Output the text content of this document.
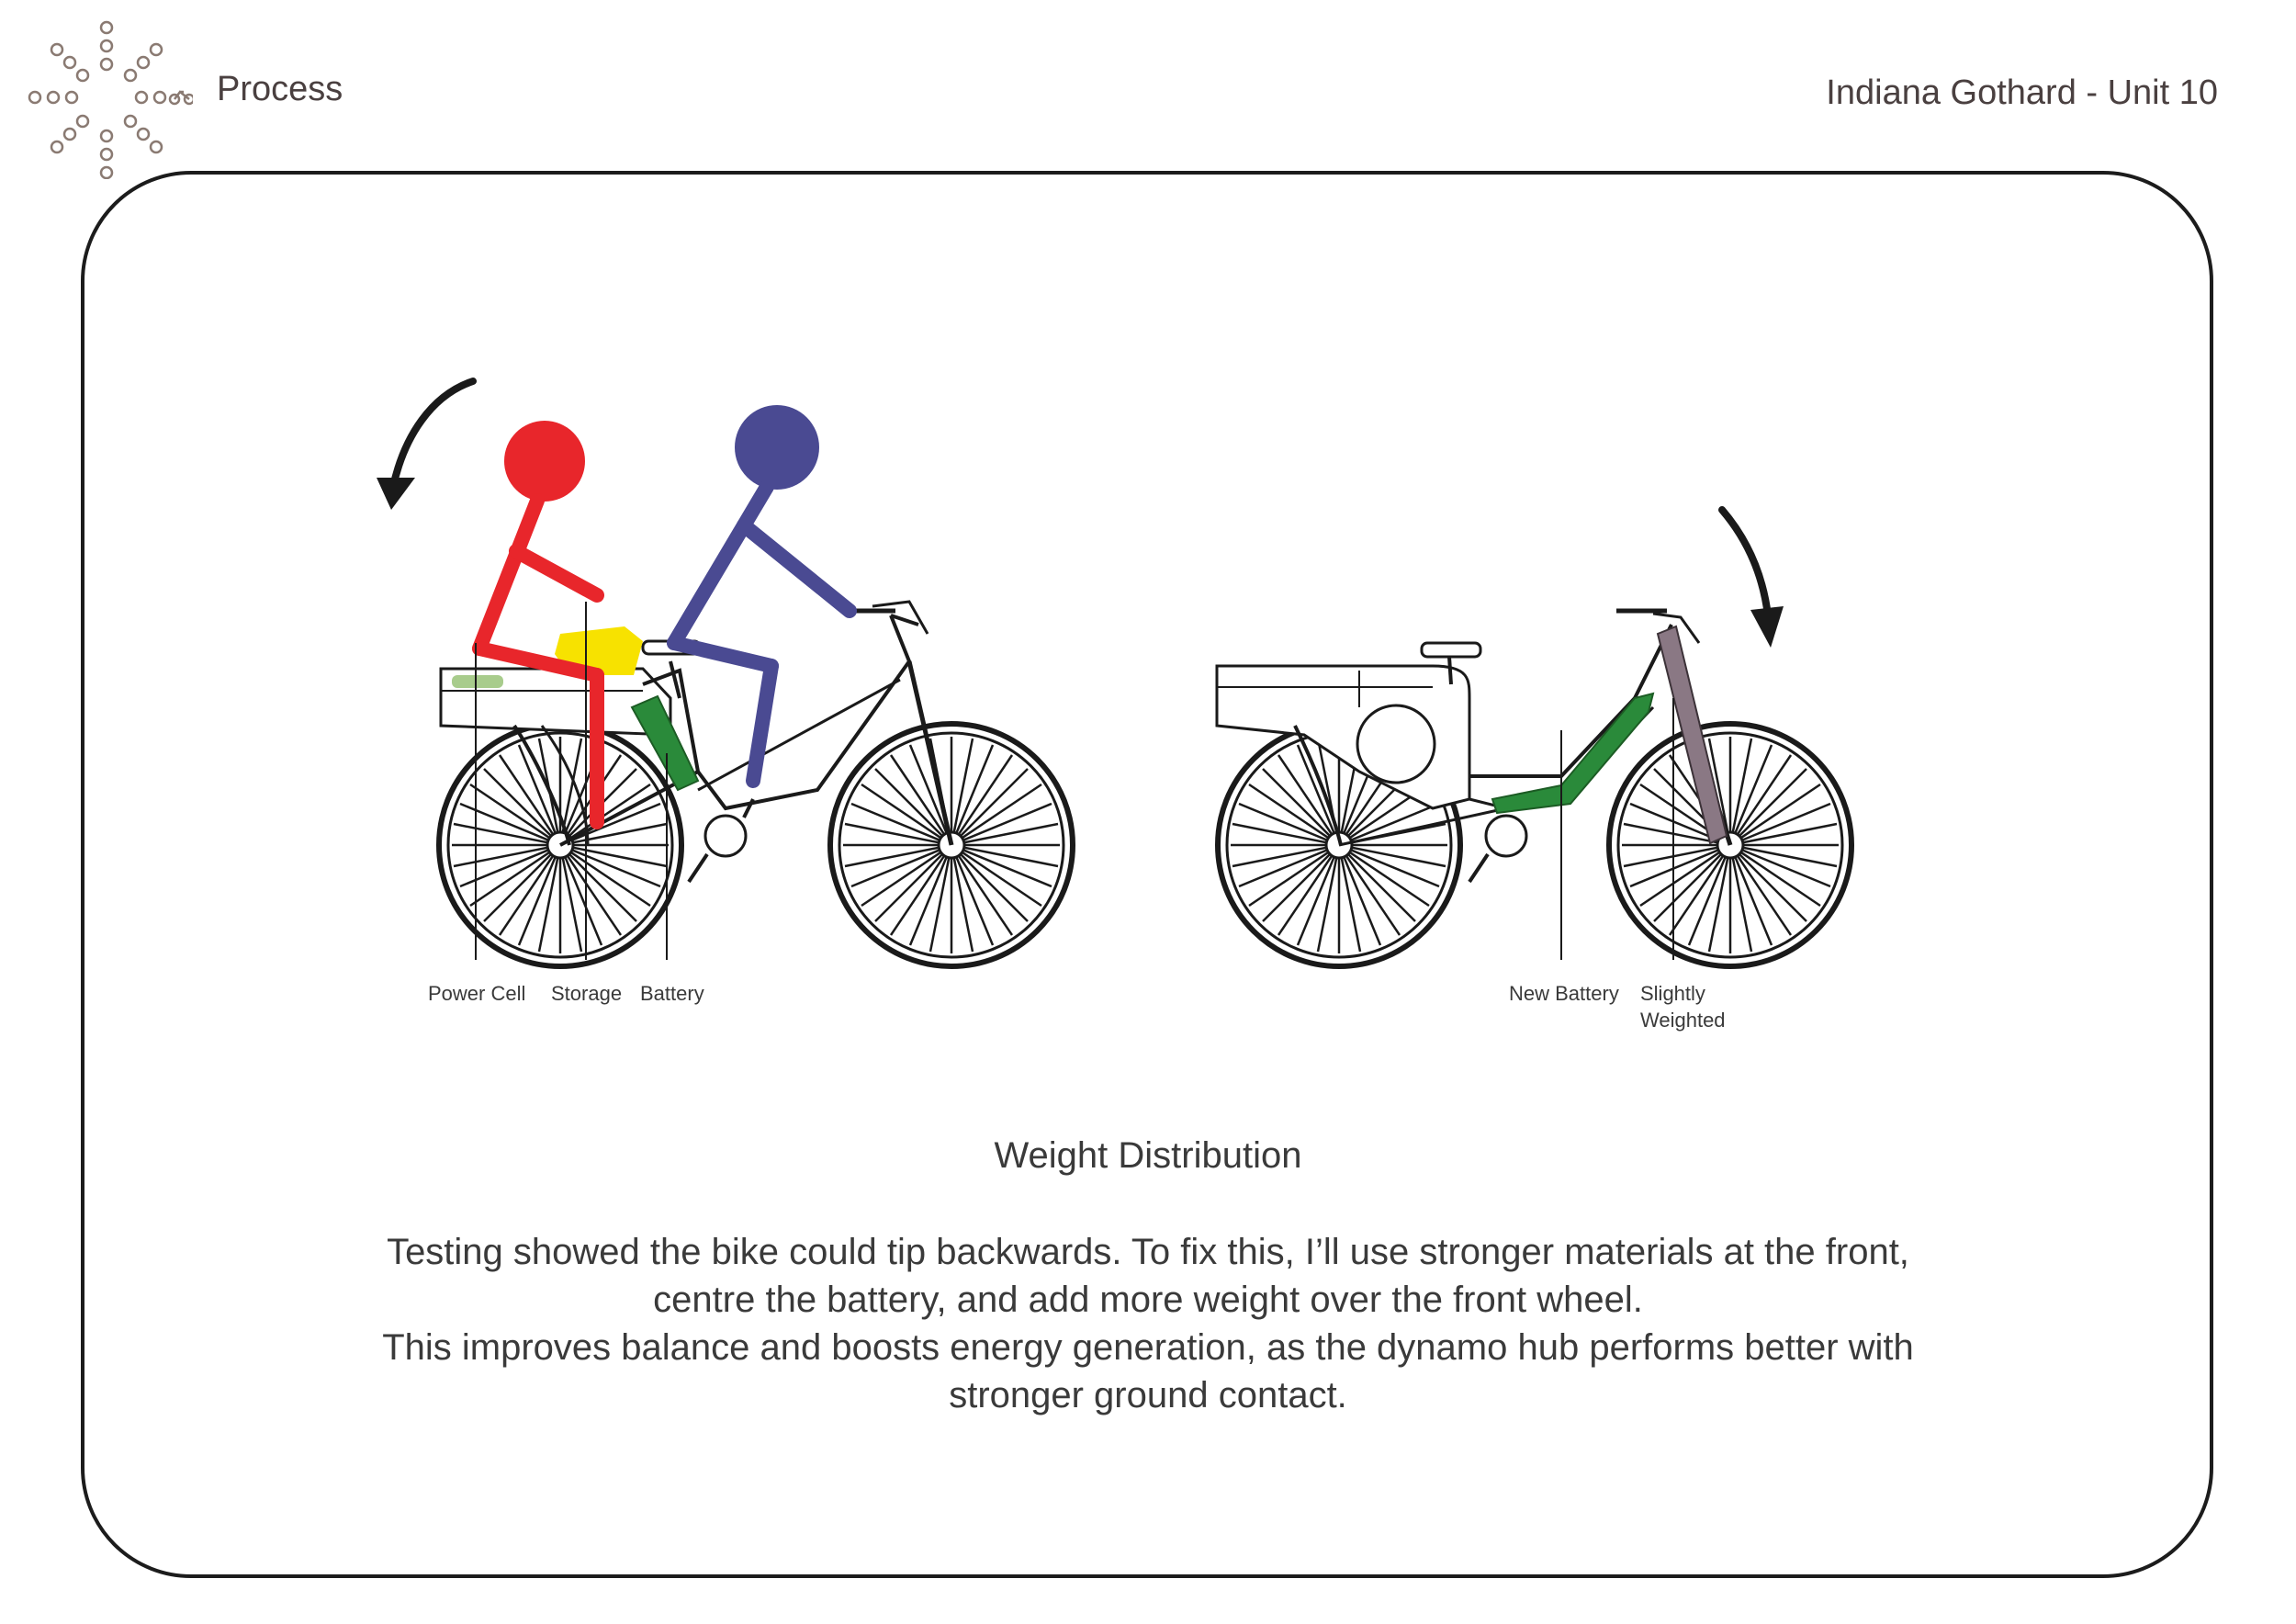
Process	Indiana Gothard - Unit 10
Power Cell Storage Battery	New Battery Slightly Weighted
Weight Distribution

Testing showed the bike could tip backwards. To fix this, I’ll use stronger materials at the front, centre the battery, and add more weight over the front wheel.

This improves balance and boosts energy generation, as the dynamo hub performs better with stronger ground contact.
